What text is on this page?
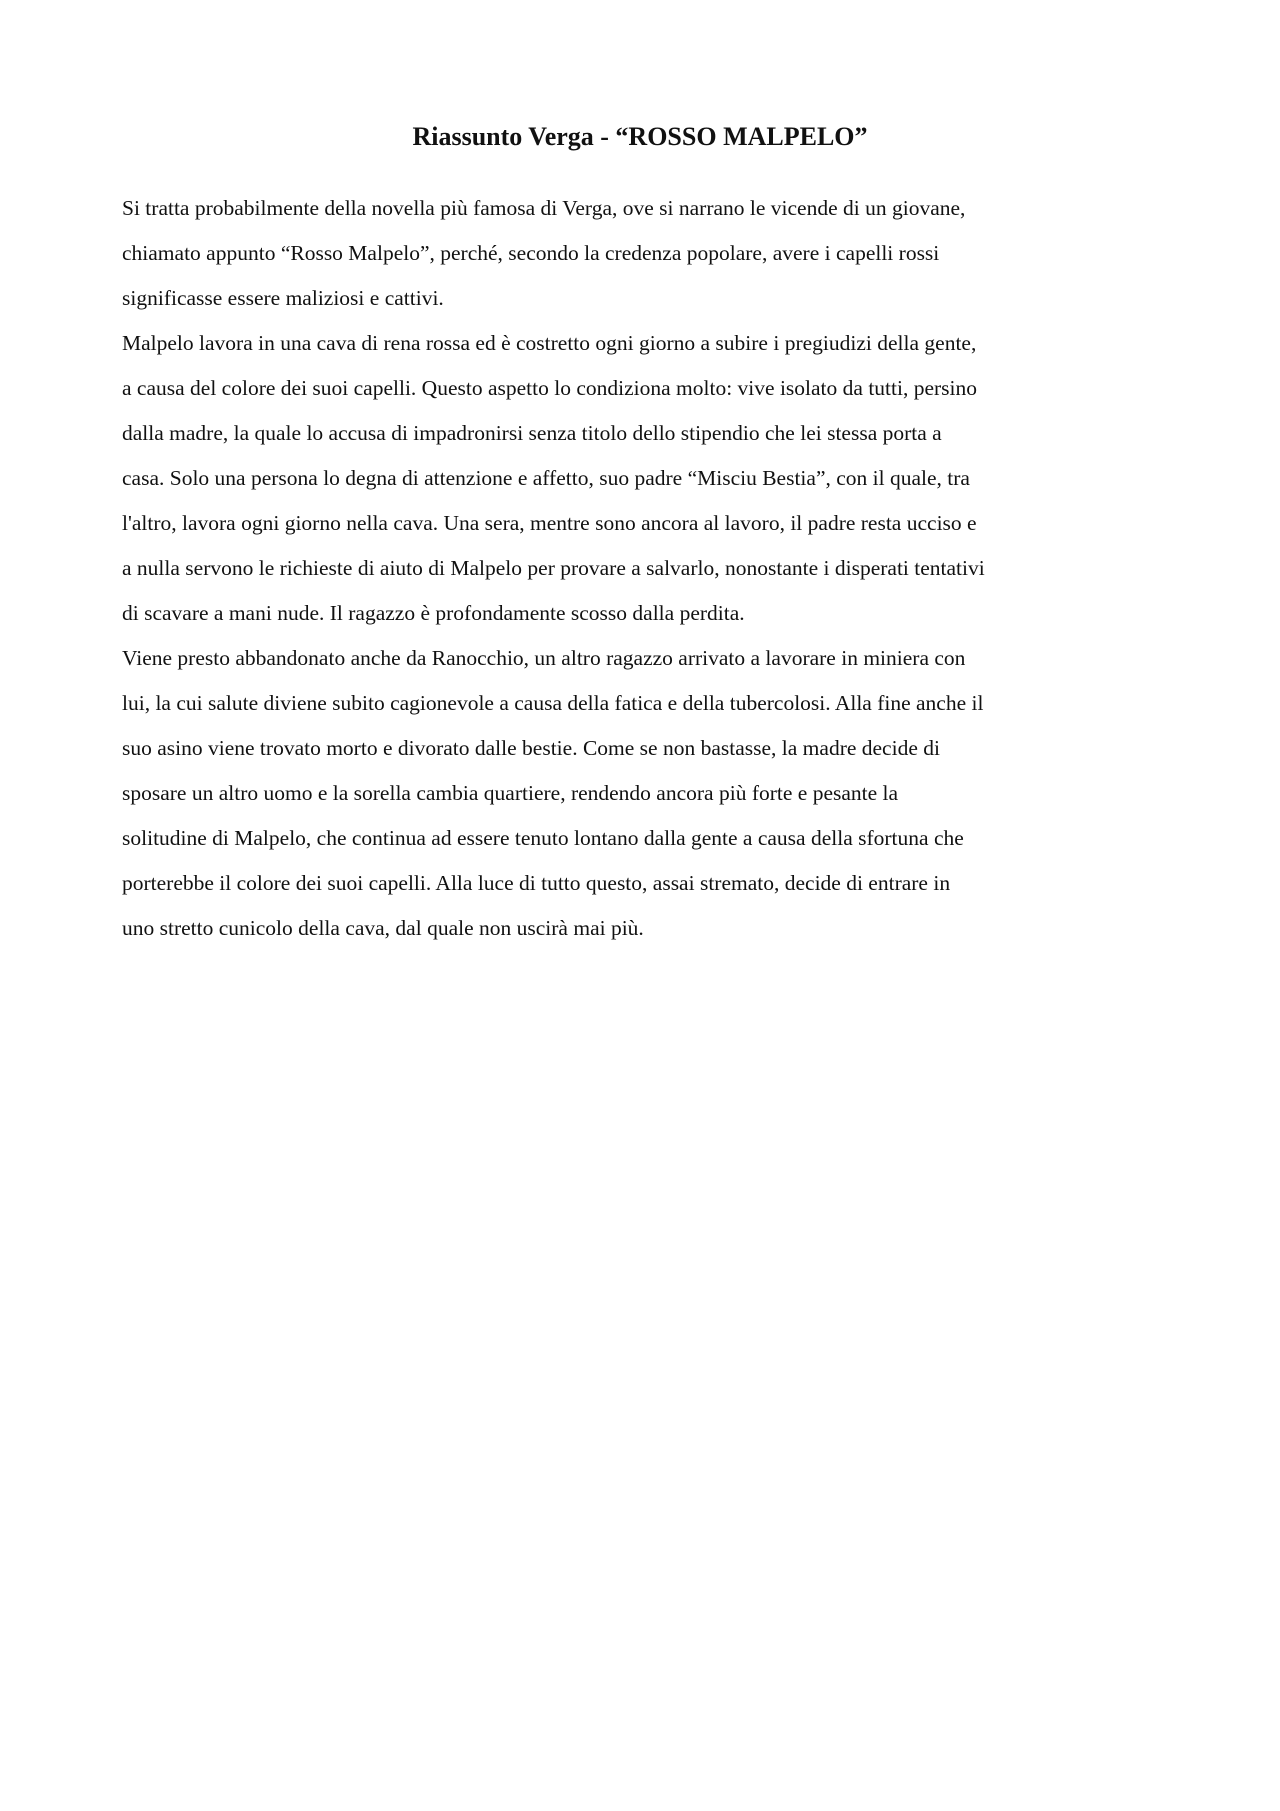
Riassunto Verga - “ROSSO MALPELO”
Si tratta probabilmente della novella più famosa di Verga, ove si narrano le vicende di un giovane,
chiamato appunto “Rosso Malpelo”, perché, secondo la credenza popolare, avere i capelli rossi
significasse essere maliziosi e cattivi.
Malpelo lavora in una cava di rena rossa ed è costretto ogni giorno a subire i pregiudizi della gente,
a causa del colore dei suoi capelli. Questo aspetto lo condiziona molto: vive isolato da tutti, persino
dalla madre, la quale lo accusa di impadronirsi senza titolo dello stipendio che lei stessa porta a
casa. Solo una persona lo degna di attenzione e affetto, suo padre “Misciu Bestia”, con il quale, tra
l'altro, lavora ogni giorno nella cava. Una sera, mentre sono ancora al lavoro, il padre resta ucciso e
a nulla servono le richieste di aiuto di Malpelo per provare a salvarlo, nonostante i disperati tentativi
di scavare a mani nude. Il ragazzo è profondamente scosso dalla perdita.
Viene presto abbandonato anche da Ranocchio, un altro ragazzo arrivato a lavorare in miniera con
lui, la cui salute diviene subito cagionevole a causa della fatica e della tubercolosi. Alla fine anche il
suo asino viene trovato morto e divorato dalle bestie. Come se non bastasse, la madre decide di
sposare un altro uomo e la sorella cambia quartiere, rendendo ancora più forte e pesante la
solitudine di Malpelo, che continua ad essere tenuto lontano dalla gente a causa della sfortuna che
porterebbe il colore dei suoi capelli. Alla luce di tutto questo, assai stremato, decide di entrare in
uno stretto cunicolo della cava, dal quale non uscirà mai più.
